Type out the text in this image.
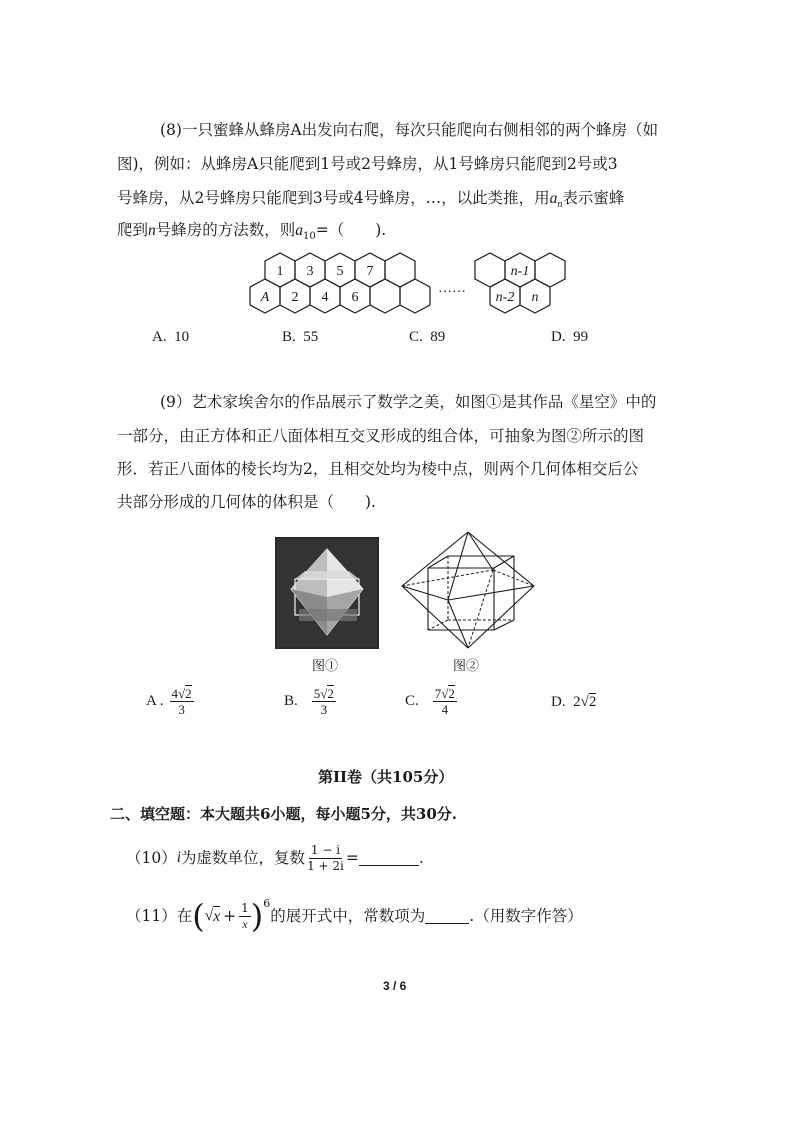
(8)一只蜜蜂从蜂房A出发向右爬，每次只能爬向右侧相邻的两个蜂房（如
图)，例如：从蜂房A只能爬到1号或2号蜂房，从1号蜂房只能爬到2号或3
号蜂房，从2号蜂房只能爬到3号或4号蜂房，…，以此类推，用$a_n$表示蜜蜂
爬到n号蜂房的方法数，则$a_{10}=$（　　).
1 3 5 7
A 2 4 6
……
n-1
n-2 n
A. 10	B. 55	C. 89	D. 99
(9）艺术家埃舍尔的作品展示了数学之美，如图①是其作品《星空》中的
一部分，由正方体和正八面体相互交叉形成的组合体，可抽象为图②所示的图
形．若正八面体的棱长均为2，且相交处均为棱中点，则两个几何体相交后公
共部分形成的几何体的体积是（　　).
图①	图②
A . $\frac{4√2}{3}$	B. $\frac{5√2}{3}$	C. $\frac{7√2}{4}$	D. 2√2
第II卷（共105分）
二、填空题：本大题共6小题，每小题5分，共30分.
（10） i 为虚数单位，复数 $\frac{1 - i}{1 + 2i}$ =	.
（11）在 ( √ $x + \frac{1}{x} )^6$
的展开式中，常数项为	.（用数字作答）
3 / 6
